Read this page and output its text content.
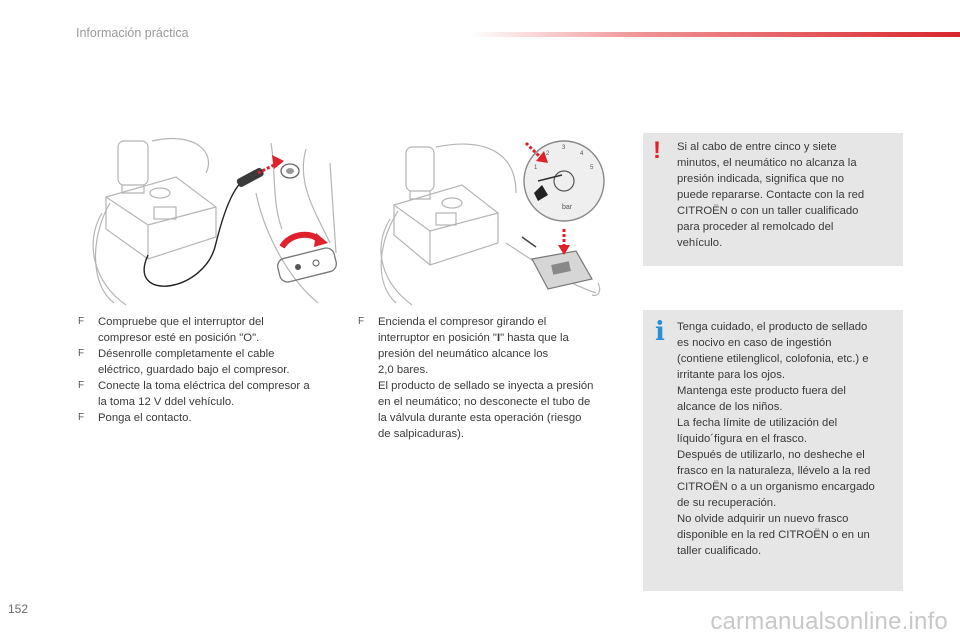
Información práctica
1
2
3
4
5
bar
F Compruebe que el interruptor del
compresor esté en posición "O".
F Désenrolle completamente el cable
eléctrico, guardado bajo el compresor.
F Conecte la toma eléctrica del compresor a
la toma 12 V ddel vehículo.
F Ponga el contacto.
F Encienda el compresor girando el
interruptor en posición "I" hasta que la
presión del neumático alcance los
2,0 bares.
El producto de sellado se inyecta a presión
en el neumático; no desconecte el tubo de
la válvula durante esta operación (riesgo
de salpicaduras).
! Si al cabo de entre cinco y siete
minutos, el neumático no alcanza la
presión indicada, significa que no
puede repararse. Contacte con la red
CITROËN o con un taller cualificado
para proceder al remolcado del
vehículo.
i Tenga cuidado, el producto de sellado
es nocivo en caso de ingestión
(contiene etilenglicol, colofonia, etc.) e
irritante para los ojos.
Mantenga este producto fuera del
alcance de los niños.
La fecha límite de utilización del
líquido´figura en el frasco.
Después de utilizarlo, no desheche el
frasco en la naturaleza, llévelo a la red
CITROËN o a un organismo encargado
de su recuperación.
No olvide adquirir un nuevo frasco
disponible en la red CITROËN o en un
taller cualificado.
152	carmanualsonline.info
